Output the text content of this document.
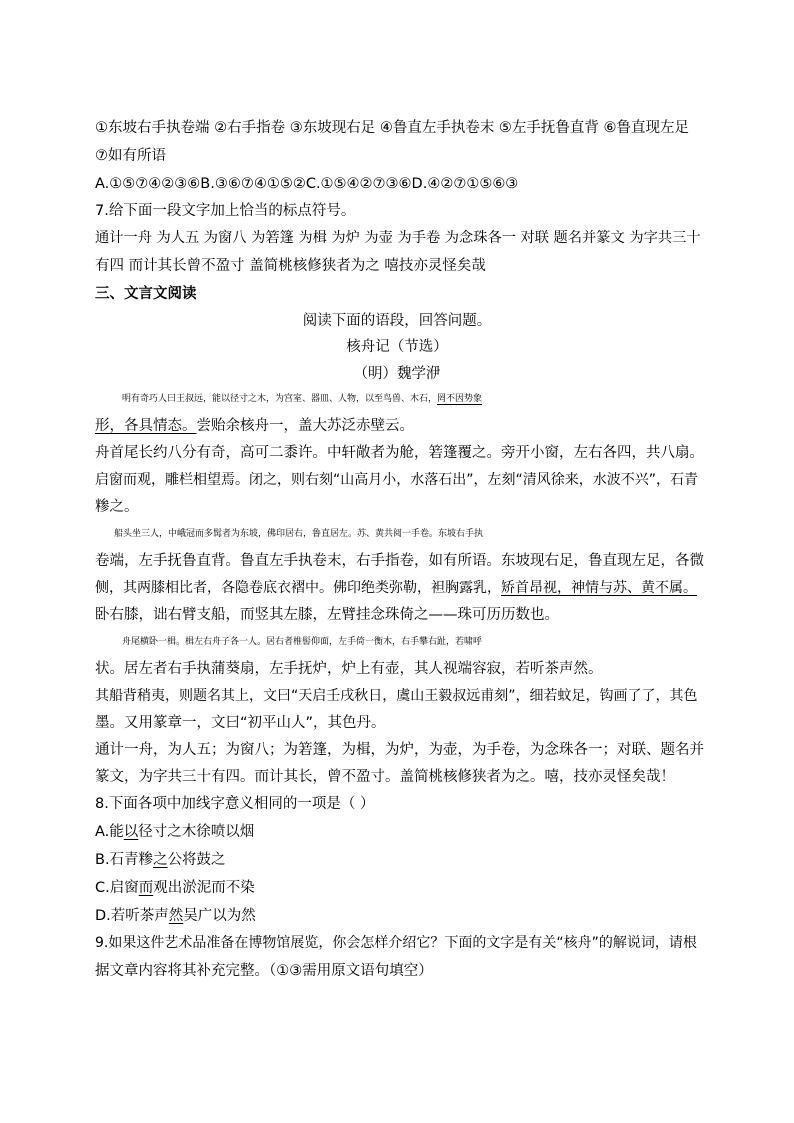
①东坡右手执卷端 ②右手指卷 ③东坡现右足 ④鲁直左手执卷末 ⑤左手抚鲁直背 ⑥鲁直现左足
⑦如有所语
A.①⑤⑦④②③⑥B.③⑥⑦④①⑤②C.①⑤④②⑦③⑥D.④②⑦①⑤⑥③
7.给下面一段文字加上恰当的标点符号。
通计一舟 为人五 为窗八 为箬篷 为楫 为炉 为壶 为手卷 为念珠各一 对联 题名并篆文 为字共三十
有四 而计其长曾不盈寸 盖简桃核修狭者为之 嘻技亦灵怪矣哉
三、文言文阅读
阅读下面的语段，回答问题。
核舟记（节选）
（明）魏学洢
明有奇巧人曰王叔远，能以径寸之木，为宫室、器皿、人物，以至鸟兽、木石，罔不因势象
形，各具情态。尝贻余核舟一，盖大苏泛赤壁云。
舟首尾长约八分有奇，高可二黍许。中轩敞者为舱，箬篷覆之。旁开小窗，左右各四，共八扇。
启窗而观，雕栏相望焉。闭之，则右刻“山高月小，水落石出”，左刻“清风徐来，水波不兴”，石青
糁之。
船头坐三人，中峨冠而多髯者为东坡，佛印居右，鲁直居左。苏、黄共阅一手卷。东坡右手执
卷端，左手抚鲁直背。鲁直左手执卷末，右手指卷，如有所语。东坡现右足，鲁直现左足，各微
侧，其两膝相比者，各隐卷底衣褶中。佛印绝类弥勒，袒胸露乳，矫首昂视，神情与苏、黄不属。
卧右膝，诎右臂支船，而竖其左膝，左臂挂念珠倚之——珠可历历数也。
舟尾横卧一楫。楫左右舟子各一人。居右者椎髻仰面，左手倚一衡木，右手攀右趾，若啸呼
状。居左者右手执蒲葵扇，左手抚炉，炉上有壶，其人视端容寂，若听茶声然。
其船背稍夷，则题名其上，文曰“天启壬戌秋日，虞山王毅叔远甫刻”，细若蚊足，钩画了了，其色
墨。又用篆章一，文曰“初平山人”，其色丹。
通计一舟，为人五；为窗八；为箬篷，为楫，为炉，为壶，为手卷，为念珠各一；对联、题名并
篆文，为字共三十有四。而计其长，曾不盈寸。盖简桃核修狭者为之。嘻，技亦灵怪矣哉！
8.下面各项中加线字意义相同的一项是（ ）
A.能以径寸之木徐喷以烟
B.石青糁之公将鼓之
C.启窗而观出淤泥而不染
D.若听茶声然吴广以为然
9.如果这件艺术品准备在博物馆展览，你会怎样介绍它？下面的文字是有关“核舟”的解说词，请根
据文章内容将其补充完整。（①③需用原文语句填空）
